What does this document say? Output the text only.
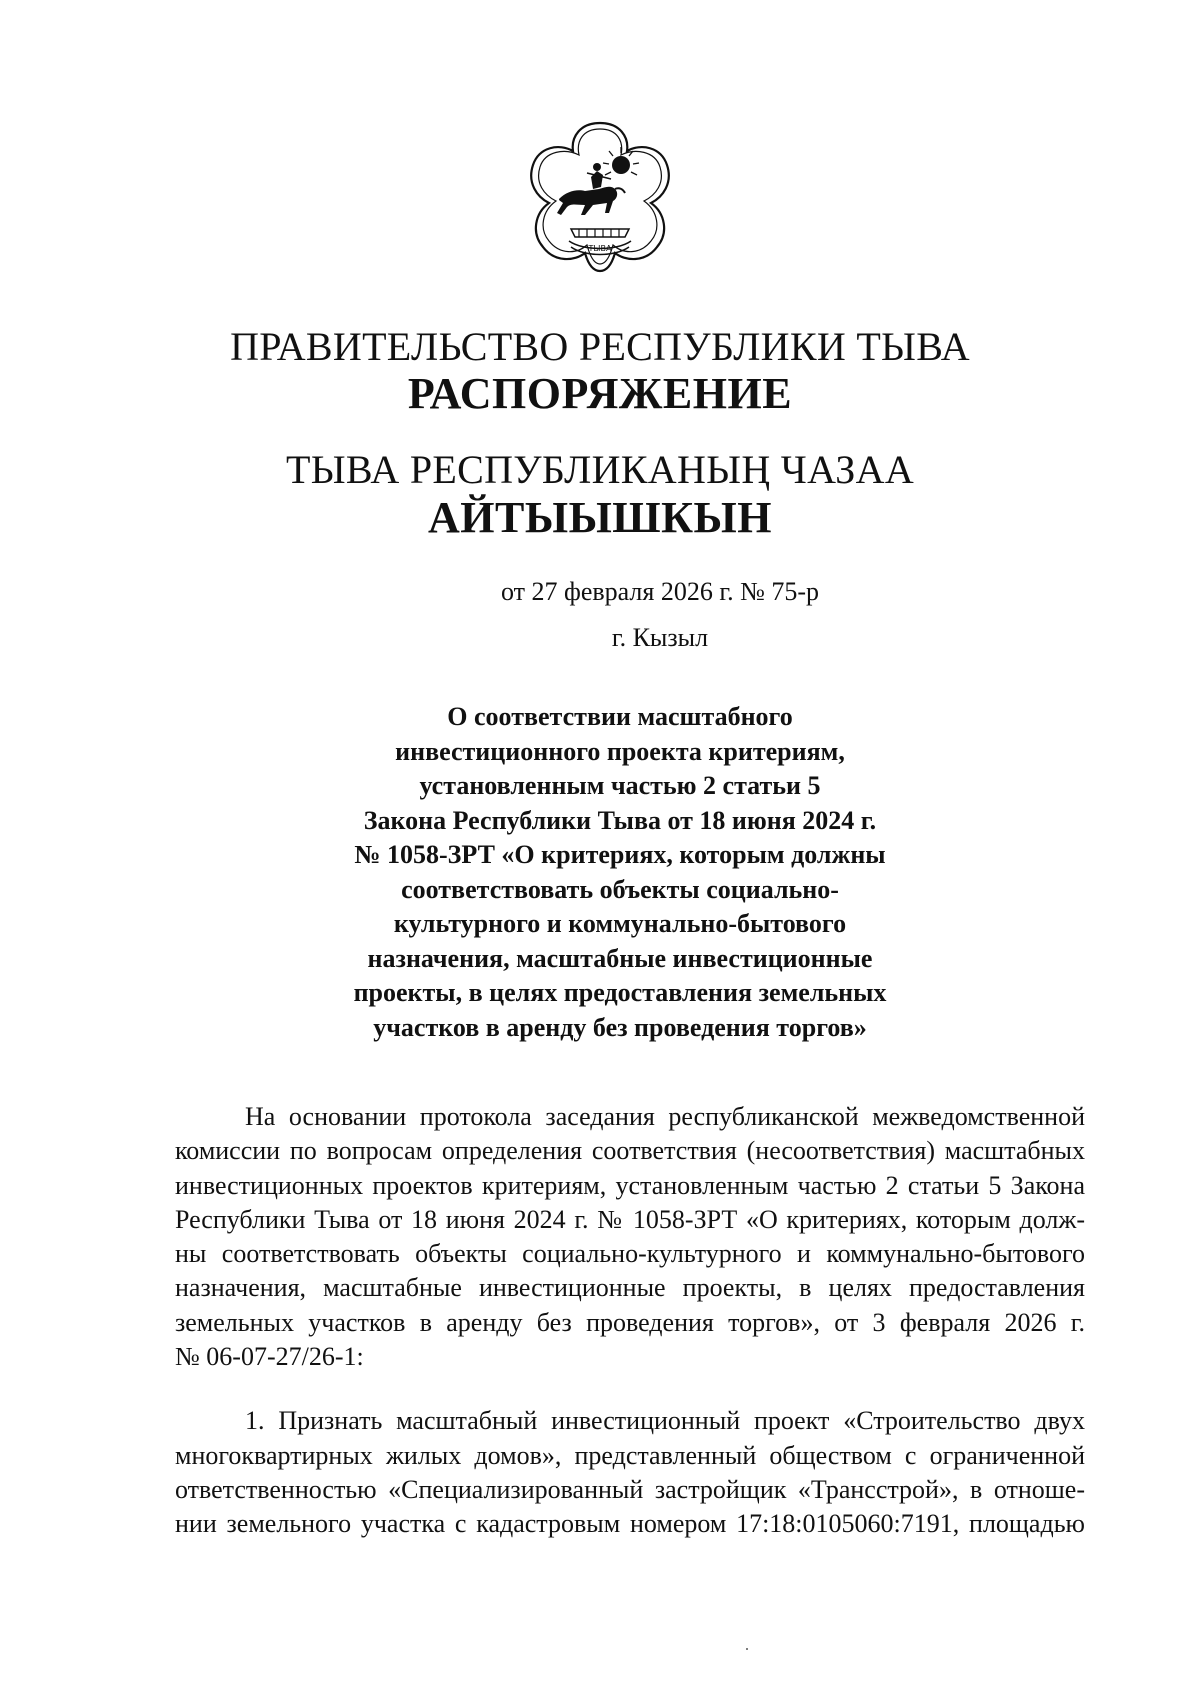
ТЫВА
ПРАВИТЕЛЬСТВО РЕСПУБЛИКИ ТЫВА
РАСПОРЯЖЕНИЕ
ТЫВА РЕСПУБЛИКАНЫҢ ЧАЗАА
АЙТЫЫШКЫН
от 27 февраля 2026 г. № 75-р
г. Кызыл
О соответствии масштабного
инвестиционного проекта критериям,
установленным частью 2 статьи 5
Закона Республики Тыва от 18 июня 2024 г.
№ 1058-ЗРТ «О критериях, которым должны
соответствовать объекты социально-
культурного и коммунально-бытового
назначения, масштабные инвестиционные
проекты, в целях предоставления земельных
участков в аренду без проведения торгов»
На основании протокола заседания республиканской межведомственной
комиссии по вопросам определения соответствия (несоответствия) масштабных
инвестиционных проектов критериям, установленным частью 2 статьи 5 Закона
Республики Тыва от 18 июня 2024 г. № 1058-ЗРТ «О критериях, которым долж-
ны соответствовать объекты социально-культурного и коммунально-бытового
назначения, масштабные инвестиционные проекты, в целях предоставления
земельных участков в аренду без проведения торгов», от 3 февраля 2026 г.
№ 06-07-27/26-1:
1. Признать масштабный инвестиционный проект «Строительство двух
многоквартирных жилых домов», представленный обществом с ограниченной
ответственностью «Специализированный застройщик «Трансстрой», в отноше-
нии земельного участка с кадастровым номером 17:18:0105060:7191, площадью
